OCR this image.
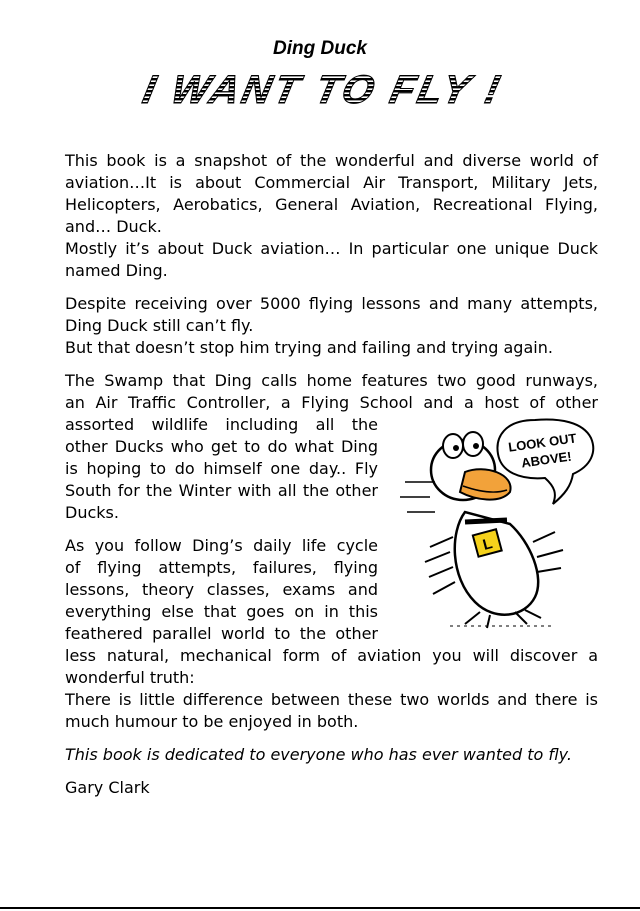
Ding Duck
I WANT TO FLY !

This book is a snapshot of the wonderful and diverse world of
aviation…It is about Commercial Air Transport, Military Jets,
Helicopters, Aerobatics, General Aviation, Recreational Flying,
and… Duck.
Mostly it’s about Duck aviation… In particular one unique Duck
named Ding.

Despite receiving over 5000 flying lessons and many attempts,
Ding Duck still can’t fly.
But that doesn’t stop him trying and failing and trying again.

The Swamp that Ding calls home features two good runways,
an Air Traffic Controller, a Flying School and a host of other
assorted wildlife including all the
other Ducks who get to do what Ding
is hoping to do himself one day.. Fly
South for the Winter with all the other
Ducks.

As you follow Ding’s daily life cycle
of flying attempts, failures, flying
lessons, theory classes, exams and
everything else that goes on in this
feathered parallel world to the other
less natural, mechanical form of aviation you will discover a
wonderful truth:
There is little difference between these two worlds and there is
much humour to be enjoyed in both.

This book is dedicated to everyone who has ever wanted to fly.

Gary Clark

LOOK OUT
ABOVE!
L
